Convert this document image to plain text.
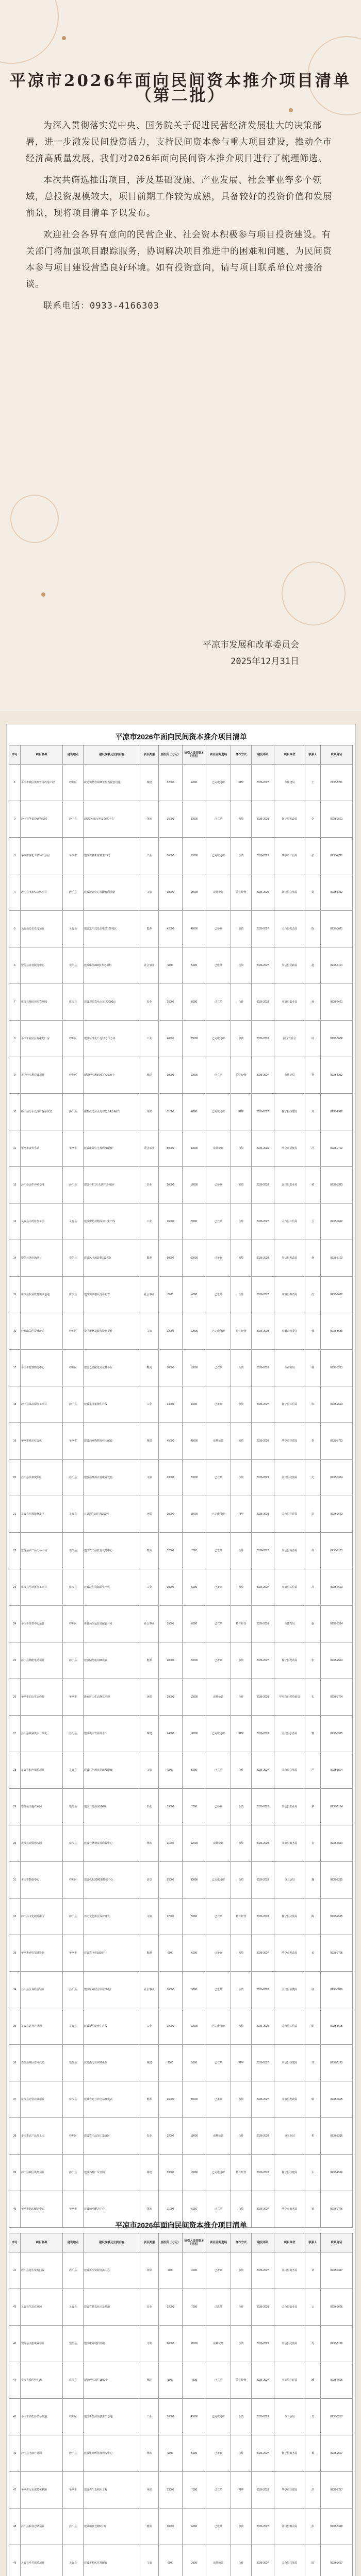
平凉市2026年面向民间资本推介项目清单
（第二批）

为深入贯彻落实党中央、国务院关于促进民营经济发展壮大的决策部署，进一步激发民间投资活力，支持民间资本参与重大项目建设，推动全市经济高质量发展，我们对2026年面向民间资本推介项目进行了梳理筛选。

本次共筛选推出项目，涉及基础设施、产业发展、社会事业等多个领域，总投资规模较大，项目前期工作较为成熟，具备较好的投资价值和发展前景，现将项目清单予以发布。

欢迎社会各界有意向的民营企业、社会资本积极参与项目投资建设。有关部门将加强项目跟踪服务，协调解决项目推进中的困难和问题，为民间资本参与项目建设营造良好环境。如有投资意向，请与项目联系单位对接洽谈。

联系电话：0933-4166303

平凉市发展和改革委员会
2025年12月31日
平凉市2026年面向民间资本推介项目清单
序号	项目名称	建设地点	建设规模及主要内容	项目类型	总投资（万元）	拟引入民间资本（万元）	项目前期进展	合作方式	建设年限	项目单位	联系人	联系电话
1	平凉市城区供热管网改造工程	崆峒区	改造供热管网12公里及配套设施	城建	12000	6000	已完成可研	PPP	2026-2027	市住建局	王	0933-8211
2	静宁县苹果冷链物流园	静宁县	新建冷库5万吨及分拣中心	物流	35000	20000	已立项	独资	2026-2028	静宁县发改局	李	0933-2521
3	华亭市煤化工循环产业园	华亭市	建设煤基新材料生产线	工业	86000	50000	已完成可研	合资	2026-2029	华亭市工信局	张	0933-7721
4	泾川县文旅综合体项目	泾川县	建设游客中心及配套商业街	文旅	28000	15000	前期论证	特许经营	2026-2028	泾川县文旅局	刘	0933-3312
5	灵台县光伏发电项目	灵台县	建设集中式光伏电站100兆瓦	能源	42000	42000	已备案	独资	2026-2027	灵台县发改局	陈	0933-3621
6	崇信县养老服务中心	崇信县	建设床位300张养老机构	社会事业	9000	5000	已选址	合资	2026-2027	崇信县民政局	赵	0933-6121
7	庄浪县梯田观光农业园	庄浪县	建设观光农业示范区3000亩	农业	15000	8000	已立项	合作	2026-2028	庄浪县农业局	孙	0933-6621
8	平凉工业园区标准化厂房	崆峒区	建设标准化厂房10万平方米	工业	40000	25000	已完成可研	独资	2026-2028	园区管委会	周	0933-8688
9	市区停车场建设项目	崆峒区	新建停车场8处泊位3000个	城建	18000	10000	已立项	特许经营	2026-2027	市住建局	吴	0933-8212
10	静宁县污水处理厂提标改造	静宁县	提标改造污水处理能力4万吨/日	环保	11000	6000	已完成可研	PPP	2026-2027	静宁县住建局	郑	0933-2522
11	华亭市康养小镇	华亭市	建设康养住宅及医疗配套	社会事业	50000	30000	前期论证	合资	2026-2030	华亭市卫健局	冯	0933-7722
12	泾川县肉牛养殖基地	泾川县	建设存栏1万头肉牛养殖场	农业	20000	12000	已备案	独资	2026-2028	泾川县农业局	褚	0933-3313
13	灵台县中药材加工园	灵台县	建设中药材精深加工生产线	工业	16000	9000	已立项	合作	2026-2027	灵台县工信局	卫	0933-3622
14	崇信县风电场项目	崇信县	建设风电场装机100兆瓦	能源	60000	60000	已备案	独资	2026-2028	崇信县发改局	蒋	0933-6122
15	庄浪县职业教育实训基地	庄浪县	建设实训楼及设备购置	社会事业	8000	4000	已选址	合作	2026-2027	庄浪县教育局	沈	0933-6622
16	崆峒山景区提升改造	崆峒区	景区道路及服务设施提升	文旅	22000	12000	已完成可研	特许经营	2026-2028	崆峒山管委会	韩	0933-8689
17	平凉市智慧物流中心	崆峒区	建设仓储配送及信息平台	物流	30000	18000	已立项	合资	2026-2028	市商务局	杨	0933-8213
18	静宁县果品深加工项目	静宁县	建设果汁果酱生产线	工业	14000	8000	已备案	独资	2026-2027	静宁县工信局	朱	0933-2523
19	华亭市城市综合体	华亭市	建设商业购物及住宅配套	城建	45000	45000	前期论证	独资	2026-2029	华亭市住建局	秦	0933-7723
20	泾川县温泉度假区	泾川县	建设温泉酒店及康养设施	文旅	38000	20000	已立项	合资	2026-2029	泾川县文旅局	尤	0933-3314
21	灵台县垃圾焚烧发电	灵台县	日处理生活垃圾300吨	环保	25000	15000	已完成可研	PPP	2026-2028	灵台县住建局	许	0933-3623
22	崇信县农产品交易市场	崇信县	建设农产品批发交易中心	物流	12000	7000	已选址	合作	2026-2027	崇信县商务局	何	0933-6123
23	庄浪县马铃薯加工项目	庄浪县	建设淀粉及制品生产线	工业	10000	6000	已备案	独资	2026-2027	庄浪县工信局	吕	0933-6623
24	平凉市体育中心运营	崆峒区	体育场馆运营及配套开发	社会事业	15000	8000	已立项	特许经营	2026-2028	市体育局	施	0933-8214
25	静宁县储能电站项目	静宁县	建设储能电站50兆瓦	能源	20000	20000	已备案	独资	2026-2027	静宁县发改局	张	0933-2524
26	华亭市矿山生态修复	华亭市	废弃矿山生态修复治理	环保	18000	10000	前期论证	合作	2026-2028	华亭市自然资源局	孔	0933-7724
27	泾川县城乡供水一体化	泾川县	建设供水管网及水厂	城建	24000	12000	已完成可研	PPP	2026-2028	泾川县水务局	曹	0933-3315
28	灵台县红色旅游项目	灵台县	建设红色教育基地及配套	文旅	9000	5000	已立项	合作	2026-2027	灵台县文旅局	严	0933-3624
29	崇信县设施农业园	崇信县	建设日光温室500座	农业	13000	7000	已备案	合资	2026-2028	崇信县农业局	华	0933-6124
30	庄浪县商贸物流园	庄浪县	建设仓储物流及商贸中心	物流	21000	12000	前期论证	独资	2026-2028	庄浪县商务局	金	0933-6624
31	平凉市数据中心	崆峒区	建设机柜3000架数据中心	信息	55000	30000	已完成可研	合资	2026-2029	市工信局	魏	0933-8215
32	静宁县文化旅游街区	静宁县	历史文化街区保护开发	文旅	17000	9000	已立项	特许经营	2026-2028	静宁县文旅局	陶	0933-2525
33	华亭市充电基础设施	华亭市	建设充电桩1000个	能源	6000	6000	已备案	独资	2026-2027	华亭市发改局	姜	0933-7725
34	泾川县医养结合项目	泾川县	建设医养结合床位500张	社会事业	16000	9000	已选址	合资	2026-2028	泾川县卫健局	戚	0933-3316
35	灵台县建材产业园	灵台县	建设新型建材生产线	工业	22000	13000	已完成可研	独资	2026-2028	灵台县工信局	谢	0933-3625
36	崇信县城区管网改造	崇信县	改造雨污管网20公里	城建	9500	5000	已立项	PPP	2026-2027	崇信县住建局	邹	0933-6125
37	庄浪县光伏农业项目	庄浪县	建设农光互补电站50兆瓦	能源	26000	26000	已备案	独资	2026-2027	庄浪县发改局	喻	0933-6625
38	平凉市农产品加工园	崆峒区	建设农产品加工集聚区	农业	32000	18000	前期论证	合作	2026-2029	市农业局	柏	0933-8216
39	静宁县城区供热项目	静宁县	建设热源厂及管网	城建	19000	10000	已完成可研	特许经营	2026-2028	静宁县住建局	水	0933-2526
40	华亭市物流配送中心	华亭市	建设城乡配送中心	物流	11000	6000	已立项	合资	2026-2027	华亭市商务局	窦	0933-7726
平凉市2026年面向民间资本推介项目清单
序号	项目名称	建设地点	建设规模及主要内容	项目类型	总投资（万元）	拟引入民间资本（万元）	项目前期进展	合作方式	建设年限	项目单位	联系人	联系电话
41	泾川县再生资源回收	泾川县	建设再生资源分拣中心	环保	7000	4000	已备案	独资	2026-2027	泾川县商务局	章	0933-3317
42	灵台县生态农业园	灵台县	建设有机农业示范基地	农业	12000	7000	已选址	合作	2026-2028	灵台县农业局	云	0933-3626
43	崇信县文旅康养项目	崇信县	建设康养度假设施	文旅	20000	11000	前期论证	合资	2026-2029	崇信县文旅局	苏	0933-6126
44	庄浪县城区停车场	庄浪县	新建停车泊位1500个	城建	8000	4500	已立项	特许经营	2026-2027	庄浪县住建局	潘	0933-6626
45	平凉市新能源装备制造	崆峒区	建设新能源装备生产基地	工业	70000	40000	已完成可研	合资	2026-2029	市工信局	葛	0933-8217
46	静宁县电商产业园	静宁县	建设电商孵化及物流中心	物流	9000	5000	已备案	合作	2026-2027	静宁县商务局	奚	0933-2527
47	华亭市污水资源化利用	华亭市	建设再生水利用工程	环保	13000	7000	已立项	PPP	2026-2028	华亭市住建局	范	0933-7727
48	泾川县粮食仓储项目	泾川县	建设粮食仓储5万吨	物流	10000	6000	已选址	独资	2026-2027	泾川县粮食局	彭	0933-3318
49	灵台县乡村旅游项目	灵台县	建设乡村民宿及配套	文旅	6000	3500	前期论证	合作	2026-2027	灵台县文旅局	郎	0933-3627
